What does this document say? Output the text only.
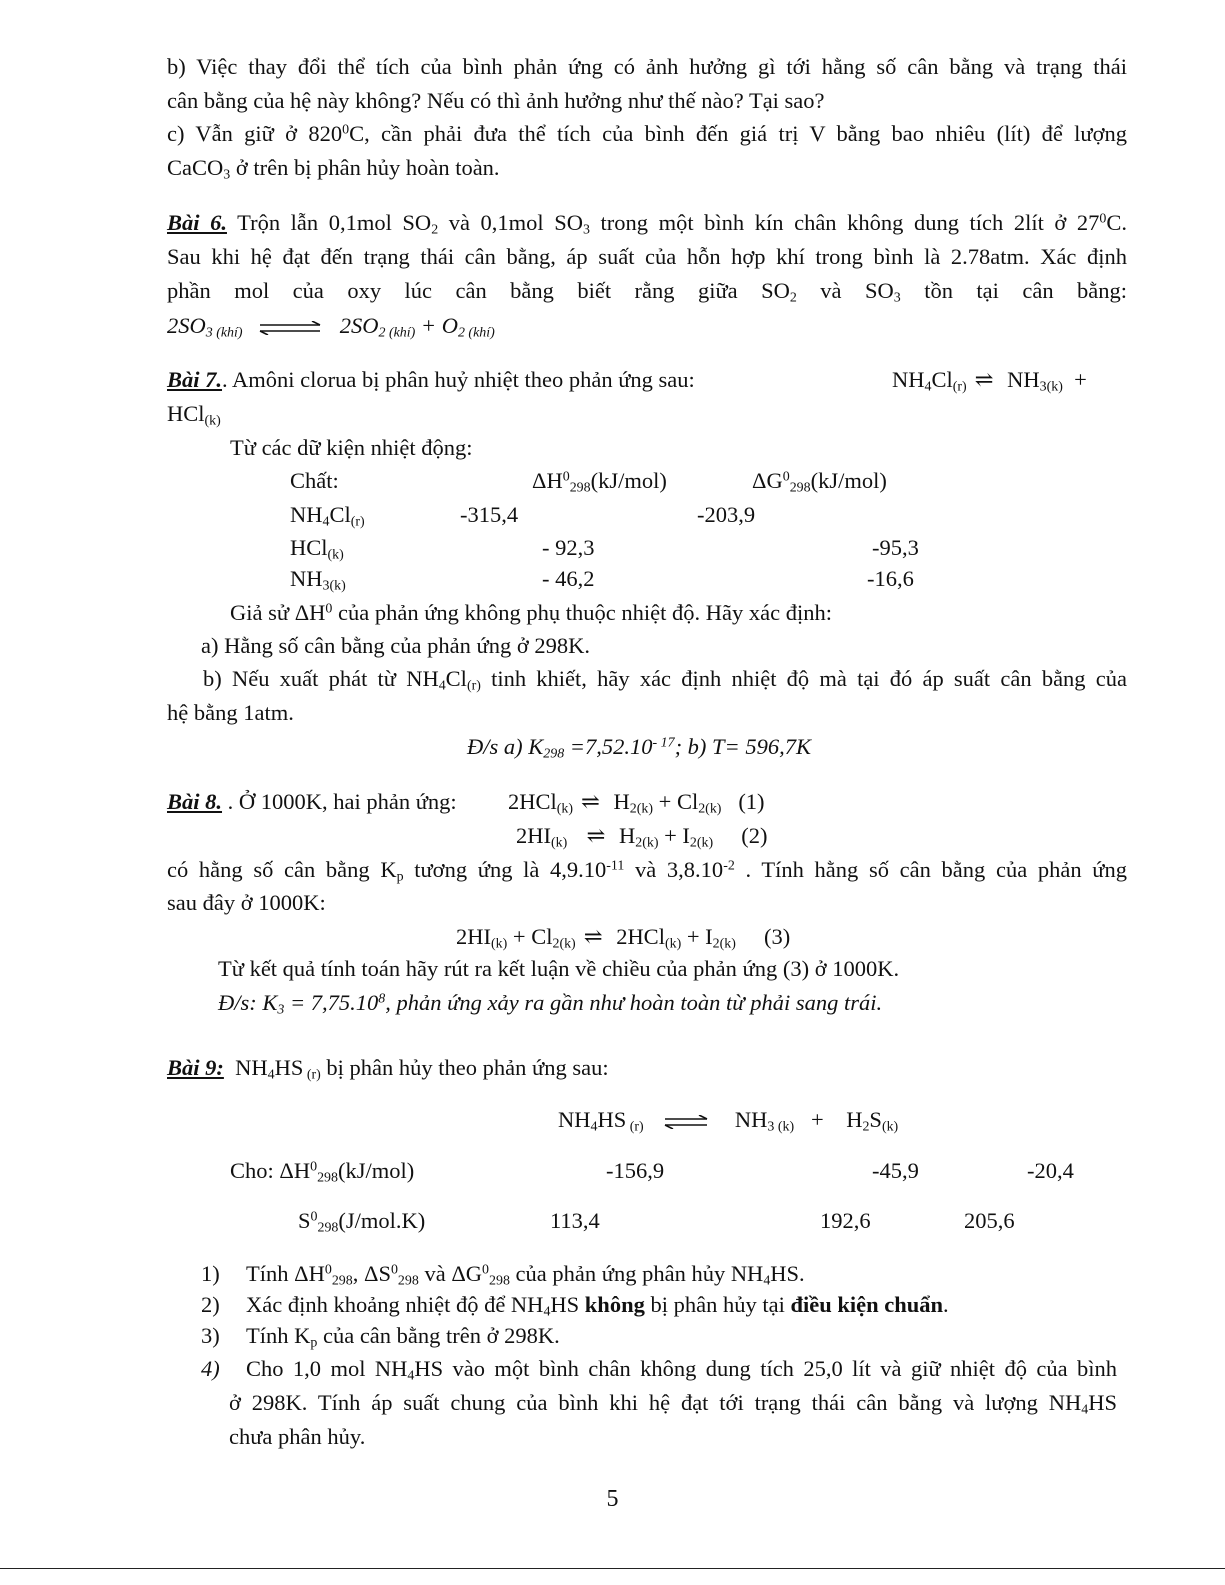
b) Việc thay đổi thể tích của bình phản ứng có ảnh hưởng gì tới hằng số cân bằng và trạng thái
cân bằng của hệ này không? Nếu có thì ảnh hưởng như thế nào? Tại sao?
c) Vẫn giữ ở $820^0C$, cần phải đưa thể tích của bình đến giá trị V bằng bao nhiêu (lít) để lượng
CaCO$_3$ ở trên bị phân hủy hoàn toàn.
Bài 6. Trộn lẫn 0,1mol $SO_2$ và 0,1mol $SO_3$ trong một bình kín chân không dung tích 2lít ở $27^0C$.
Sau khi hệ đạt đến trạng thái cân bằng, áp suất của hỗn hợp khí trong bình là 2.78atm. Xác định
phần mol của oxy lúc cân bằng biết rằng giữa $SO_2$ và $SO_3$ tồn tại cân bằng:
$2SO_{3 (khí)}$ ⇌ $2SO_{2 (khí)} + O_{2 (khí)}$
Bài 7.. Amôni clorua bị phân huỷ nhiệt theo phản ứng sau:	$NH_4Cl_{(r)}$ ⇌ $NH_{3(k)}$ +
HCl$_{(k)}$
Từ các dữ kiện nhiệt động:
Chất:	$\Delta H^0_{298}(kJ/mol)$	$\Delta G^0_{298}(kJ/mol)$
$NH_4Cl_{(r)}$	-315,4	-203,9
HCl$_{(k)}$	- 92,3	-95,3
$NH_{3(k)}$	- 46,2	-16,6
Giả sử $\Delta H^0$ của phản ứng không phụ thuộc nhiệt độ. Hãy xác định:
a) Hằng số cân bằng của phản ứng ở 298K.
b) Nếu xuất phát từ $NH_4Cl_{(r)}$ tinh khiết, hãy xác định nhiệt độ mà tại đó áp suất cân bằng của
hệ bằng 1atm.
Đ/s a) $K_{298} =7,52.10^{- 17}$; b) T= 596,7K
Bài 8. . Ở 1000K, hai phản ứng: 2HCl$_{(k)}$ ⇌ $H_{2(k)} + Cl_{2(k)}$ (1)
$2HI_{(k)}$ ⇌ $H_{2(k)} + I_{2(k)}$ (2)
có hằng số cân bằng $K_p$ tương ứng là $4,9.10^{-11}$ và $3,8.10^{-2}$ . Tính hằng số cân bằng của phản ứng
sau đây ở 1000K:
$2HI_{(k)} + Cl_{2(k)}$ ⇌ $2HCl_{(k)} + I_{2(k)}$ (3)
Từ kết quả tính toán hãy rút ra kết luận về chiều của phản ứng (3) ở 1000K.
Đ/s: $K_3 = 7,75.10^8$, phản ứng xảy ra gần như hoàn toàn từ phải sang trái.
Bài 9: $NH_4HS$ $_{(r)}$ bị phân hủy theo phản ứng sau:
$NH_4HS$ $_{(r)}$ ⇌ $NH_{3 (k)} + H_2S_{(k)}$
Cho: $\Delta H^0_{298}(kJ/mol)$	-156,9	-45,9	-20,4
$S^0_{298}(J/mol.K)$	113,4	192,6	205,6
1) Tính $\Delta H^0_{298}$, $\Delta S^0_{298}$ và $\Delta G^0_{298}$ của phản ứng phân hủy $NH_4HS$.
2) Xác định khoảng nhiệt độ để $NH_4HS$ không bị phân hủy tại điều kiện chuẩn.
3) Tính $K_p$ của cân bằng trên ở 298K.
4) Cho 1,0 mol $NH_4HS$ vào một bình chân không dung tích 25,0 lít và giữ nhiệt độ của bình
ở 298K. Tính áp suất chung của bình khi hệ đạt tới trạng thái cân bằng và lượng $NH_4HS$
chưa phân hủy.
5
